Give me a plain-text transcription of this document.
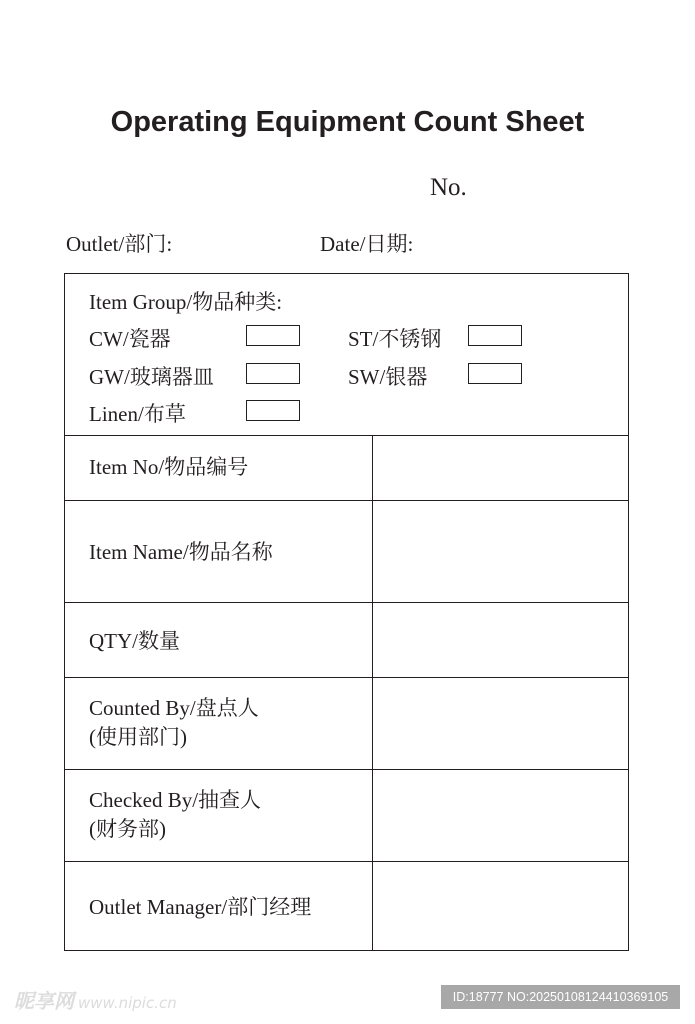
Operating Equipment Count Sheet
No.
Outlet/部门:	Date/日期:
Item Group/物品种类:
CW/瓷器	ST/不锈钢
GW/玻璃器皿	SW/银器
Linen/布草
Item No/物品编号
Item Name/物品名称
QTY/数量
Counted By/盘点人
(使用部门)
Checked By/抽查人
(财务部)
Outlet Manager/部门经理
昵享网 www.nipic.cn	ID:18777 NO:20250108124410369105
